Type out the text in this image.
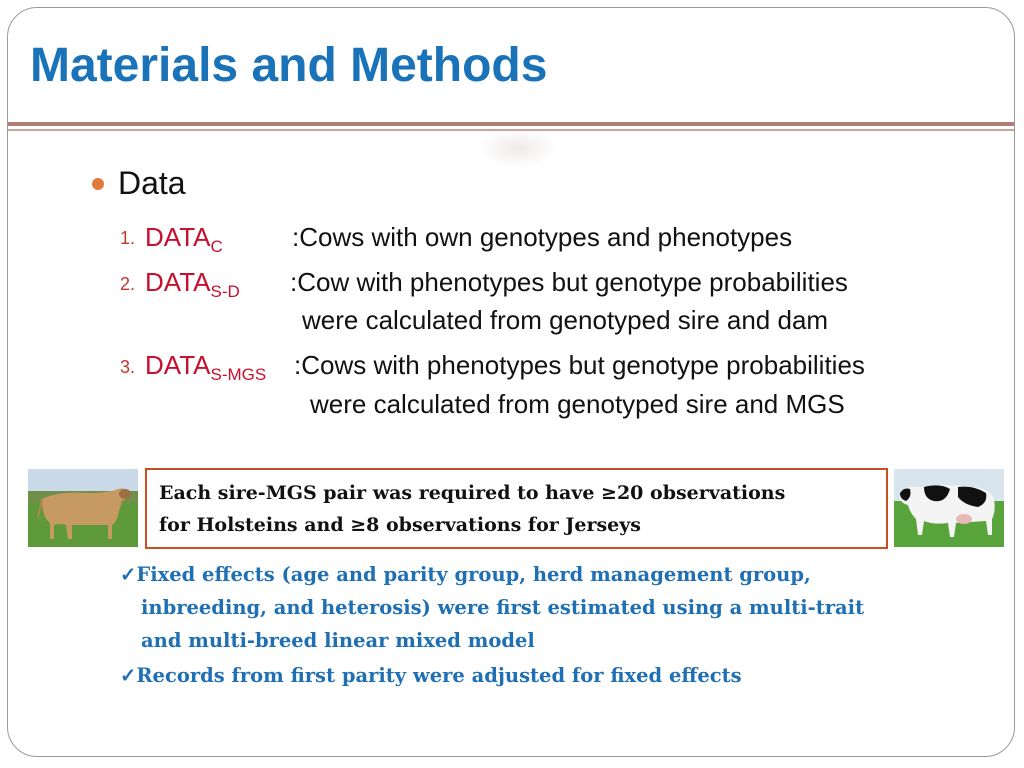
Materials and Methods
Data
1. $DATA_C$	:Cows with own genotypes and phenotypes
2. $DATA_{S-D}$ :Cow with phenotypes but genotype probabilities
were calculated from genotyped sire and dam
3. $DATA_{S-MGS}$ :Cows with phenotypes but genotype probabilities
were calculated from genotyped sire and MGS
Each sire-MGS pair was required to have ≥20 observations
for Holsteins and ≥8 observations for Jerseys
✓Fixed effects (age and parity group, herd management group,
inbreeding, and heterosis) were first estimated using a multi-trait
and multi-breed linear mixed model
✓Records from first parity were adjusted for fixed effects
